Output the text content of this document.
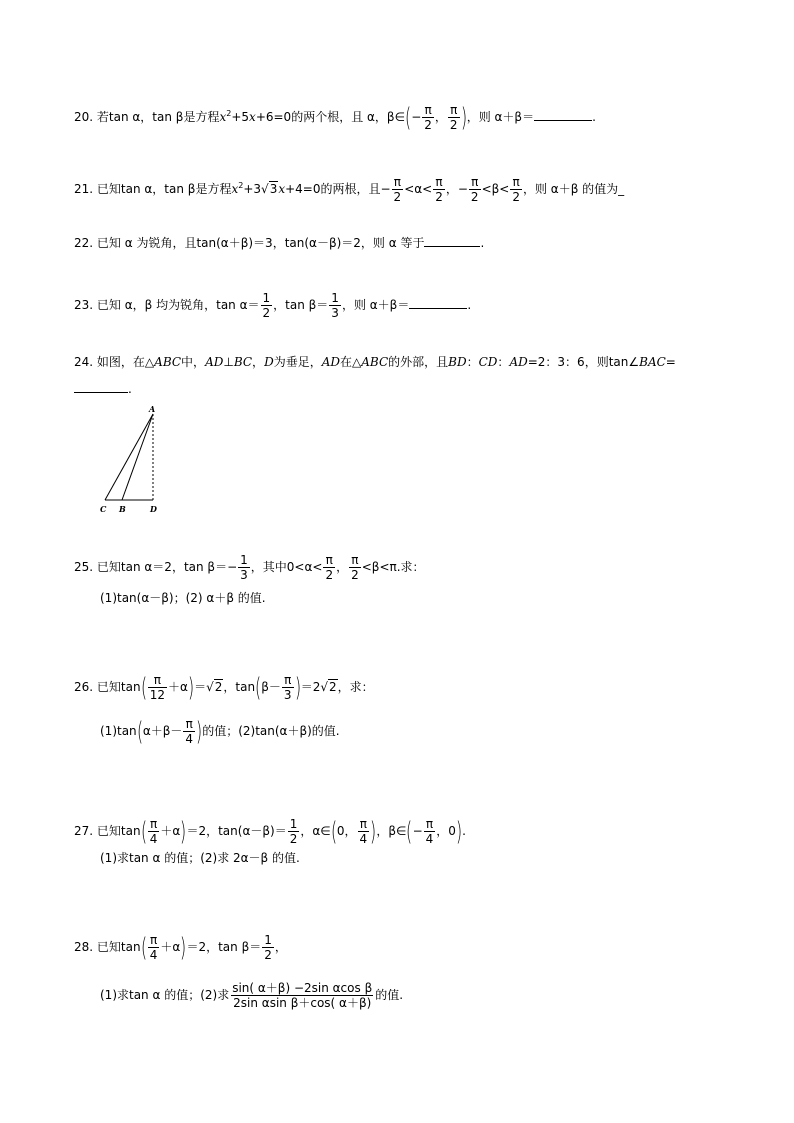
20. 若tan α，tan β是方程$x^2+5x+6=0$的两个根，且 α，β∈(− $\frac{\pi}{2}$ ， $\frac{\pi}{2}$ )，则 α＋β＝	.
21. 已知tan α，tan β是方程$x^2+3√3x+4=0$的两根，且− $\frac{\pi}{2} <\alpha< \frac{\pi}{2}$ ，− $\frac{\pi}{2} <\beta< \frac{\pi}{2}$ ，则 α＋β 的值为_
22. 已知 α 为锐角，且tan(α＋β)＝3，tan(α－β)＝2，则 α 等于	.
23. 已知 α，β 均为锐角，$\tan \alpha= \frac{1}{2}$ ，$\tan \beta= \frac{1}{3}$ ，则 α＋β＝	.
24. 如图，在△ABC中，AD⊥BC，D为垂足，AD在△ABC的外部，且BD：CD：AD=2：3：6，则tan∠BAC=
.
A
C B	D
25. 已知tan α＝2，$\tan \beta=- \frac{1}{3}$ ，其中$0<\alpha< \frac{\pi}{2}$ ， $\frac{\pi}{2} <\beta<\pi$.求：
(1)tan(α－β)；(2) α＋β 的值.
26. 已知$\tan( \frac{\pi}{12} +\alpha)=√2$，$\tan(\beta- \frac{\pi}{3} )=2√2$，求：
$(1)\tan(\alpha+\beta- \frac{\pi}{4}$ )的值；(2)tan(α＋β)的值.
27. 已知$\tan( \frac{\pi}{4} +\alpha)=2$，$\tan(\alpha-\beta)= \frac{1}{2}$ ，α∈(0， $\frac{\pi}{4}$ )，β∈(− $\frac{\pi}{4}$ ，0).
(1)求tan α 的值；(2)求 2α－β 的值.
28. 已知$\tan( \frac{\pi}{4} +\alpha)=2$，$\tan \beta= \frac{1}{2}$ ，
(1)求tan α 的值；(2)求 $\frac{\text{sin( α＋β) −2sin αcos β}}{\text{2sin αsin β＋cos( α＋β)}}$ 的值.
